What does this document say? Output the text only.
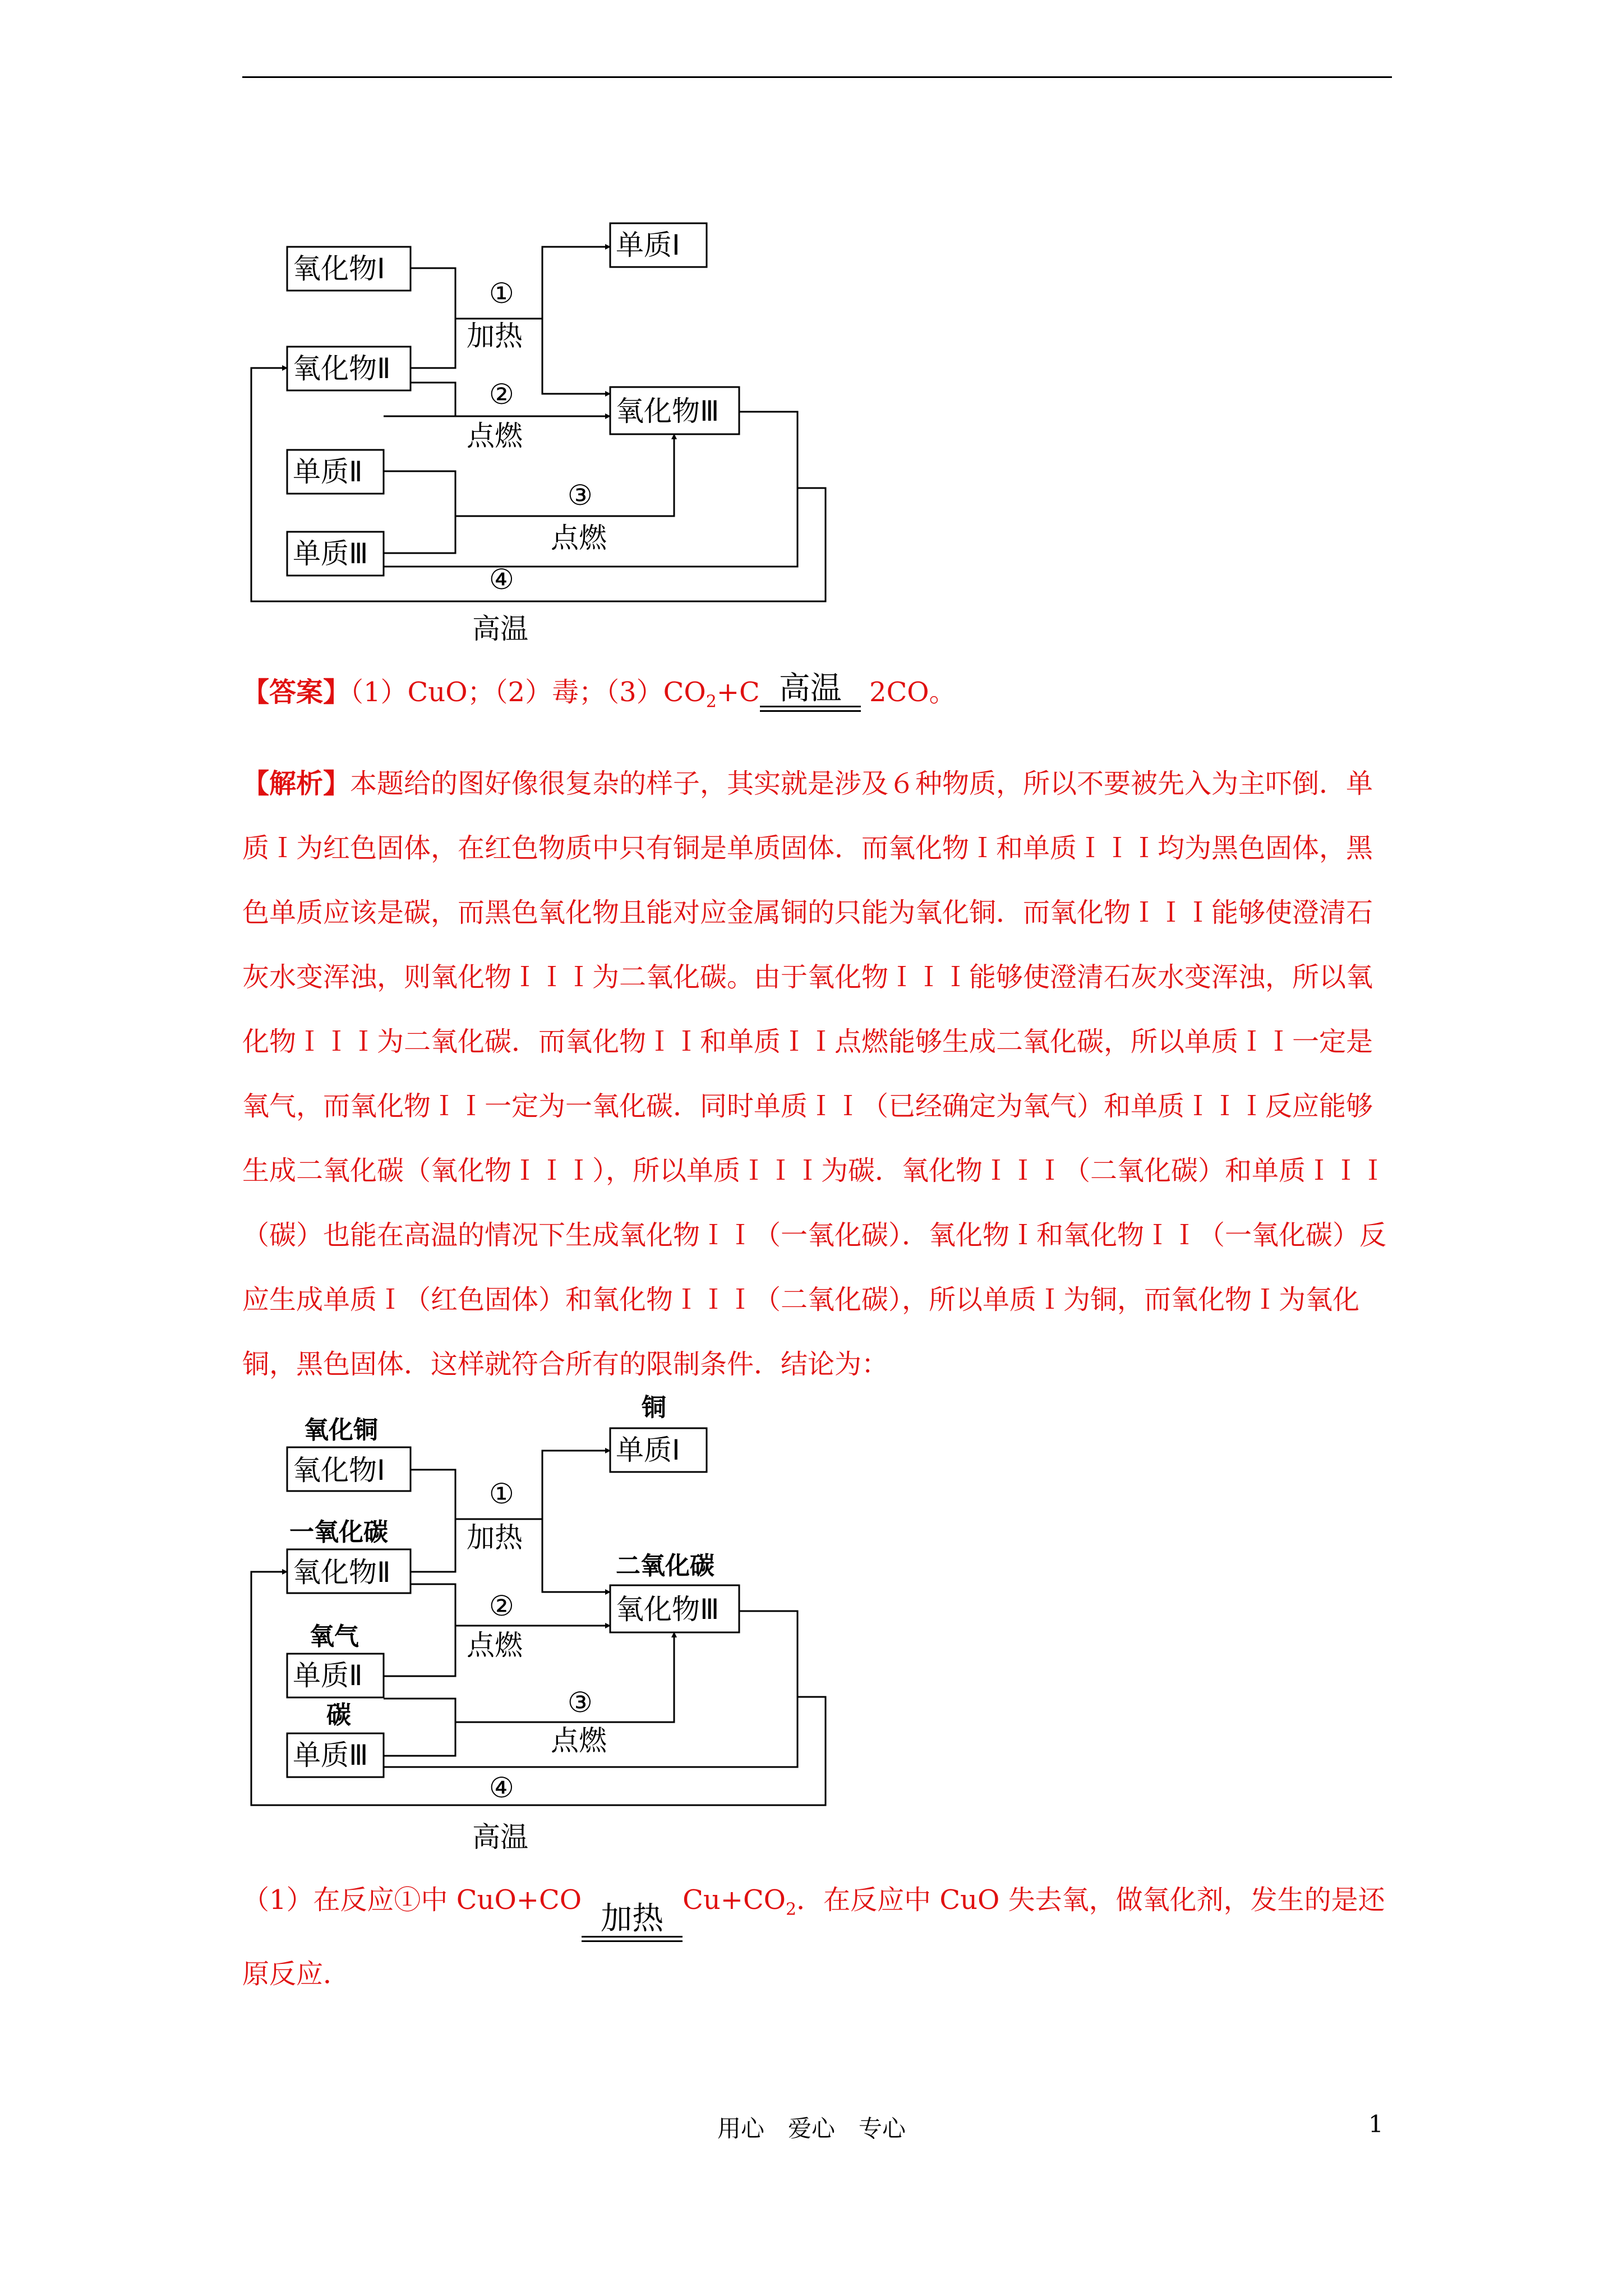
氧化物Ⅰ
氧化物Ⅱ
单质Ⅱ
单质Ⅲ
单质Ⅰ
氧化物Ⅲ
①
加热
②
点燃
③
点燃
④
高温
【答案】（1）CuO；（2）毒；$(3)CO_2+C$ 高温 2CO。
【解析】本题给的图好像很复杂的样子，其实就是涉及６种物质，所以不要被先入为主吓倒．单质Ｉ为红色固体，在红色物质中只有铜是单质固体．而氧化物Ｉ和单质ＩＩＩ均为黑色固体，黑色单质应该是碳，而黑色氧化物且能对应金属铜的只能为氧化铜．而氧化物ＩＩＩ能够使澄清石灰水变浑浊，则氧化物ＩＩＩ为二氧化碳。由于氧化物ＩＩＩ能够使澄清石灰水变浑浊，所以氧化物ＩＩＩ为二氧化碳．而氧化物ＩＩ和单质ＩＩ点燃能够生成二氧化碳，所以单质ＩＩ一定是氧气，而氧化物ＩＩ一定为一氧化碳．同时单质ＩＩ（已经确定为氧气）和单质ＩＩＩ反应能够生成二氧化碳（氧化物ＩＩＩ），所以单质ＩＩＩ为碳．氧化物ＩＩＩ（二氧化碳）和单质ＩＩＩ（碳）也能在高温的情况下生成氧化物ＩＩ（一氧化碳）．氧化物Ｉ和氧化物ＩＩ（一氧化碳）反应生成单质Ｉ（红色固体）和氧化物ＩＩＩ（二氧化碳），所以单质Ｉ为铜，而氧化物Ｉ为氧化铜，黑色固体．这样就符合所有的限制条件．结论为：
氧化铜
一氧化碳
氧气
碳
铜
二氧化碳
氧化物Ⅰ
氧化物Ⅱ
单质Ⅱ
单质Ⅲ
单质Ⅰ
氧化物Ⅲ
①
加热
②
点燃
③
点燃
④
高温
（1）在反应①中 CuO+CO
加热
$Cu+CO_2$．在反应中 CuO 失去氧，做氧化剂，发生的是还原反应．
用心　爱心　专心	1
